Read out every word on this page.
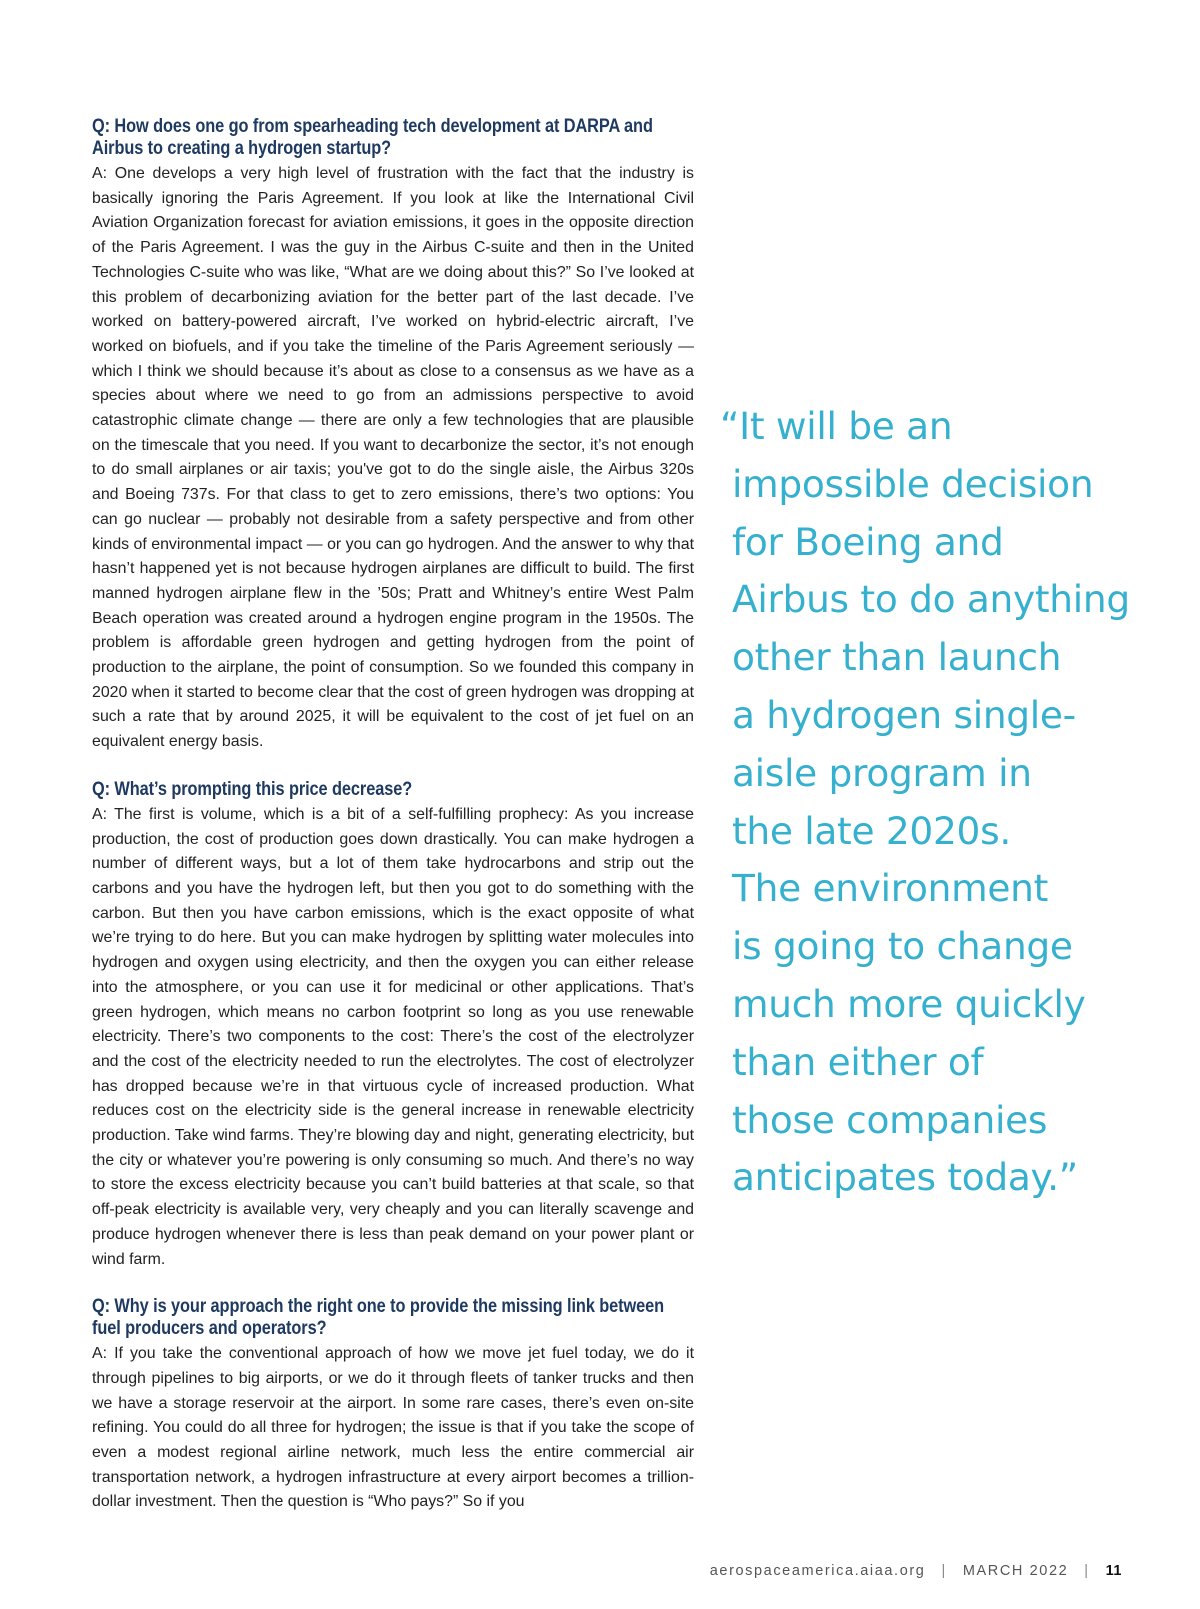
Q: How does one go from spearheading tech development at DARPA and Airbus to creating a hydrogen startup?

A: One develops a very high level of frustration with the fact that the industry is basically ignoring the Paris Agreement. If you look at like the International Civil Aviation Organization forecast for aviation emissions, it goes in the opposite direction of the Paris Agreement. I was the guy in the Airbus C-suite and then in the United Technologies C-suite who was like, “What are we doing about this?” So I’ve looked at this problem of decarbonizing aviation for the better part of the last decade. I’ve worked on battery-powered aircraft, I’ve worked on hybrid-electric aircraft, I’ve worked on biofuels, and if you take the timeline of the Paris Agreement seriously — which I think we should because it’s about as close to a consensus as we have as a species about where we need to go from an admissions perspective to avoid catastrophic climate change — there are only a few technologies that are plausible on the timescale that you need. If you want to decarbonize the sector, it’s not enough to do small airplanes or air taxis; you've got to do the single aisle, the Airbus 320s and Boeing 737s. For that class to get to zero emissions, there’s two options: You can go nuclear — probably not desirable from a safety perspective and from other kinds of environmental impact — or you can go hydrogen. And the answer to why that hasn’t happened yet is not because hydrogen airplanes are difficult to build. The first manned hydrogen airplane flew in the ’50s; Pratt and Whitney’s entire West Palm Beach operation was created around a hydrogen engine program in the 1950s. The problem is affordable green hydrogen and getting hydrogen from the point of production to the airplane, the point of consumption. So we founded this company in 2020 when it started to become clear that the cost of green hydrogen was dropping at such a rate that by around 2025, it will be equivalent to the cost of jet fuel on an equivalent energy basis.

Q: What’s prompting this price decrease?

A: The first is volume, which is a bit of a self-fulfilling prophecy: As you increase production, the cost of production goes down drastically. You can make hydrogen a number of different ways, but a lot of them take hydrocarbons and strip out the carbons and you have the hydrogen left, but then you got to do something with the carbon. But then you have carbon emissions, which is the exact opposite of what we’re trying to do here. But you can make hydrogen by splitting water molecules into hydrogen and oxygen using electricity, and then the oxygen you can either release into the atmosphere, or you can use it for medicinal or other applications. That’s green hydrogen, which means no carbon footprint so long as you use renewable electricity. There’s two components to the cost: There’s the cost of the electrolyzer and the cost of the electricity needed to run the electrolytes. The cost of electrolyzer has dropped because we’re in that virtuous cycle of increased production. What reduces cost on the electricity side is the general increase in renewable electricity production. Take wind farms. They’re blowing day and night, generating electricity, but the city or whatever you’re powering is only consuming so much. And there’s no way to store the excess electricity because you can’t build batteries at that scale, so that off-peak electricity is available very, very cheaply and you can literally scavenge and produce hydrogen whenever there is less than peak demand on your power plant or wind farm.

Q: Why is your approach the right one to provide the missing link between fuel producers and operators?

A: If you take the conventional approach of how we move jet fuel today, we do it through pipelines to big airports, or we do it through fleets of tanker trucks and then we have a storage reservoir at the airport. In some rare cases, there’s even on-site refining. You could do all three for hydrogen; the issue is that if you take the scope of even a modest regional airline network, much less the entire commercial air transportation network, a hydrogen infrastructure at every airport becomes a trillion-dollar investment. Then the question is “Who pays?” So if you

“It will be an
impossible decision
for Boeing and
Airbus to do anything
other than launch
a hydrogen single-
aisle program in
the late 2020s.
The environment
is going to change
much more quickly
than either of
those companies
anticipates today.”
aerospaceamerica.aiaa.org | MARCH 2022 | 11
